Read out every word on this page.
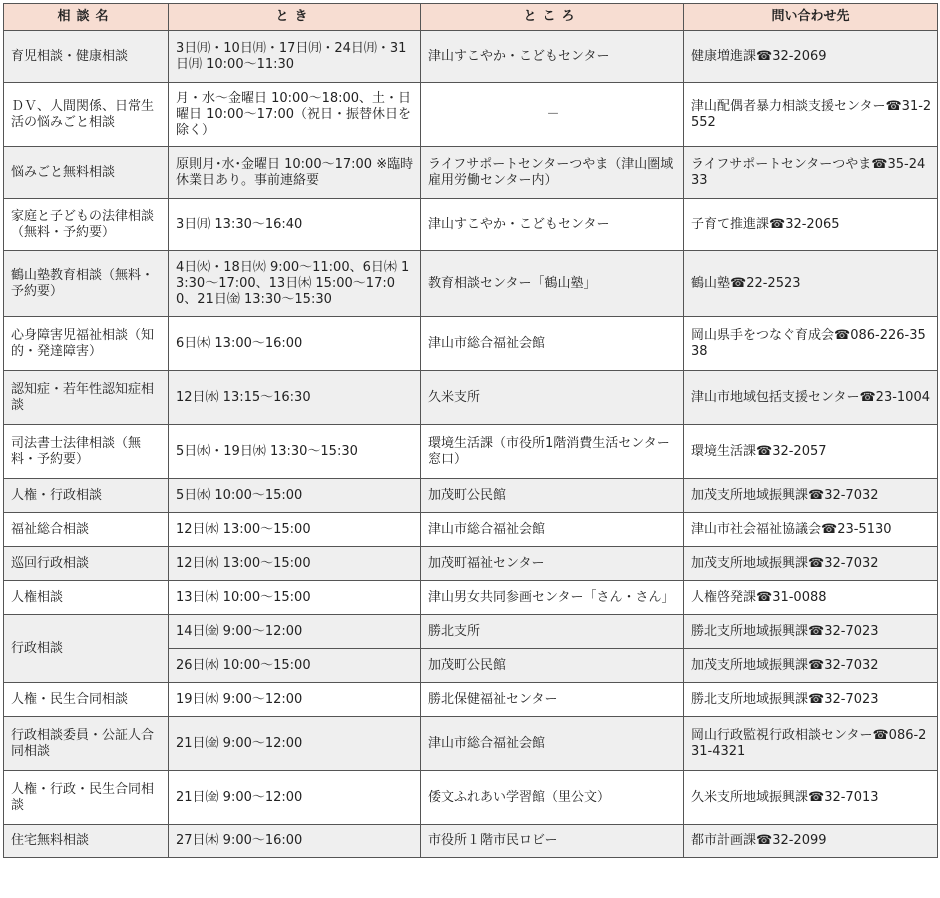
相談名	とき	ところ	問い合わせ先
育児相談・健康相談	3日㈪・10日㈪・17日㈪・24日㈪・31日㈪ 10:00～11:30	津山すこやか・こどもセンター	健康増進課☎32-2069
ＤＶ、人間関係、日常生活の悩みごと相談	月・水～金曜日 10:00～18:00、土・日曜日 10:00～17:00（祝日・振替休日を除く）	－	津山配偶者暴力相談支援センター☎31-2552
悩みごと無料相談	原則月･水･金曜日 10:00～17:00 ※臨時休業日あり。事前連絡要	ライフサポートセンターつやま（津山圏域雇用労働センター内）	ライフサポートセンターつやま☎35-2433
家庭と子どもの法律相談（無料・予約要）	3日㈪ 13:30～16:40	津山すこやか・こどもセンター	子育て推進課☎32-2065
鶴山塾教育相談（無料・予約要）	4日㈫・18日㈫ 9:00～11:00、6日㈭ 13:30～17:00、13日㈭ 15:00～17:00、21日㈮ 13:30～15:30	教育相談センター「鶴山塾」	鶴山塾☎22-2523
心身障害児福祉相談（知的・発達障害）	6日㈭ 13:00～16:00	津山市総合福祉会館	岡山県手をつなぐ育成会☎086-226-3538
認知症・若年性認知症相談	12日㈬ 13:15～16:30	久米支所	津山市地域包括支援センター☎23-1004
司法書士法律相談（無料・予約要）	5日㈬・19日㈬ 13:30～15:30	環境生活課（市役所1階消費生活センター窓口）	環境生活課☎32-2057
人権・行政相談	5日㈬ 10:00～15:00	加茂町公民館	加茂支所地域振興課☎32-7032
福祉総合相談	12日㈬ 13:00～15:00	津山市総合福祉会館	津山市社会福祉協議会☎23-5130
巡回行政相談	12日㈬ 13:00～15:00	加茂町福祉センター	加茂支所地域振興課☎32-7032
人権相談	13日㈭ 10:00～15:00	津山男女共同参画センター「さん・さん」	人権啓発課☎31-0088
行政相談	14日㈮ 9:00～12:00	勝北支所	勝北支所地域振興課☎32-7023
	26日㈬ 10:00～15:00	加茂町公民館	加茂支所地域振興課☎32-7032
人権・民生合同相談	19日㈬ 9:00～12:00	勝北保健福祉センター	勝北支所地域振興課☎32-7023
行政相談委員・公証人合同相談	21日㈮ 9:00～12:00	津山市総合福祉会館	岡山行政監視行政相談センター☎086-231-4321
人権・行政・民生合同相談	21日㈮ 9:00～12:00	倭文ふれあい学習館（里公文）	久米支所地域振興課☎32-7013
住宅無料相談	27日㈭ 9:00～16:00	市役所１階市民ロビー	都市計画課☎32-2099
